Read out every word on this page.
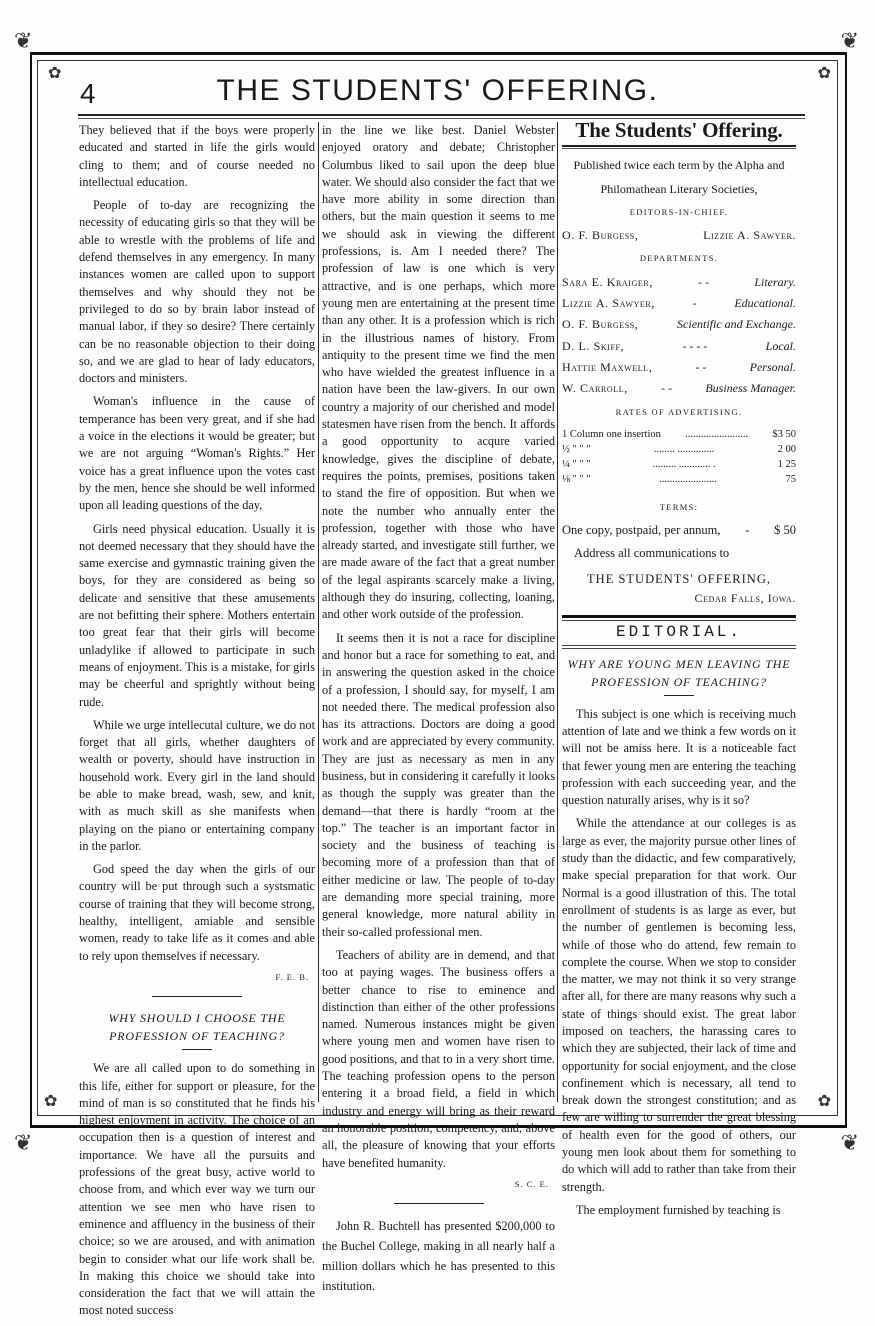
❦	❦
❦	❦
✿	✿
✿	✿
4	THE STUDENTS' OFFERING.

They believed that if the boys were properly educated and started in life the girls would cling to them; and of course needed no intellectual education.

People of to-day are recognizing the necessity of educating girls so that they will be able to wrestle with the problems of life and defend themselves in any emergency. In many instances women are called upon to support themselves and why should they not be privileged to do so by brain labor instead of manual labor, if they so desire? There certainly can be no reasonable objection to their doing so, and we are glad to hear of lady educators, doctors and ministers.

Woman's influence in the cause of temperance has been very great, and if she had a voice in the elections it would be greater; but we are not arguing “Woman's Rights.” Her voice has a great influence upon the votes cast by the men, hence she should be well informed upon all leading questions of the day,

Girls need physical education. Usually it is not deemed necessary that they should have the same exercise and gymnastic training given the boys, for they are considered as being so delicate and sensitive that these amusements are not befitting their sphere. Mothers entertain too great fear that their girls will become unladylike if allowed to participate in such means of enjoyment. This is a mistake, for girls may be cheerful and sprightly without being rude.

While we urge intellecutal culture, we do not forget that all girls, whether daughters of wealth or poverty, should have instruction in household work. Every girl in the land should be able to make bread, wash, sew, and knit, with as much skill as she manifests when playing on the piano or entertaining company in the parlor.

God speed the day when the girls of our country will be put through such a systsmatic course of training that they will become strong, healthy, intelligent, amiable and sensible women, ready to take life as it comes and able to rely upon themselves if necessary.

F. E. B.
WHY SHOULD I CHOOSE THE PROFESSION OF TEACHING?

We are all called upon to do something in this life, either for support or pleasure, for the mind of man is so constituted that he finds his highest enjoyment in activity. The choice of an occupation then is a question of interest and importance. We have all the pursuits and professions of the great busy, active world to choose from, and which ever way we turn our attention we see men who have risen to eminence and affluency in the business of their choice; so we are aroused, and with animation begin to consider what our life work shall be. In making this choice we should take into consideration the fact that we will attain the most noted success

in the line we like best. Daniel Webster enjoyed oratory and debate; Christopher Columbus liked to sail upon the deep blue water. We should also consider the fact that we have more ability in some direction than others, but the main question it seems to me we should ask in viewing the different professions, is. Am I needed there? The profession of law is one which is very attractive, and is one perhaps, which more young men are entertaining at the present time than any other. It is a profession which is rich in the illustrious names of history. From antiquity to the present time we find the men who have wielded the greatest influence in a nation have been the law-givers. In our own country a majority of our cherished and model statesmen have risen from the bench. It affords a good opportunity to acqure varied knowledge, gives the discipline of debate, requires the points, premises, positions taken to stand the fire of opposition. But when we note the number who annually enter the profession, together with those who have already started, and investigate still further, we are made aware of the fact that a great number of the legal aspirants scarcely make a living, although they do insuring, collecting, loaning, and other work outside of the profession.

It seems then it is not a race for discipline and honor but a race for something to eat, and in answering the question asked in the choice of a profession, I should say, for myself, I am not needed there. The medical profession also has its attractions. Doctors are doing a good work and are appreciated by every community. They are just as necessary as men in any business, but in considering it carefully it looks as though the supply was greater than the demand—that there is hardly “room at the top.” The teacher is an important factor in society and the business of teaching is becoming more of a profession than that of either medicine or law. The people of to-day are demanding more special training, more general knowledge, more natural ability in their so-called professional men.

Teachers of ability are in demend, and that too at paying wages. The business offers a better chance to rise to eminence and distinction than either of the other professions named. Numerous instances might be given where young men and women have risen to good positions, and that to in a very short time. The teaching profession opens to the person entering it a broad field, a field in which industry and energy will bring as their reward an honorable position, competency, and, above all, the pleasure of knowing that your efforts have benefited humanity.

S. C. E.

John R. Buchtell has presented $200,000 to the Buchel College, making in all nearly half a million dollars which he has presented to this institution.

The Students' Offering.
Published twice each term by the Alpha and
Philomathean Literary Societies,
EDITORS-IN-CHIEF.
O. F. Burgess,	Lizzie A. Sawyer.
DEPARTMENTS.
Sara E. Kraiger,	- -	Literary.
Lizzie A. Sawyer,	-	Educational.
O. F. Burgess,	Scientific and Exchange.
D. L. Skiff,	- - - -	Local.
Hattie Maxwell,	- -	Personal.
W. Carroll,	- -	Business Manager.
RATES OF ADVERTISING.
1 Column one insertion ........................ $3 50
½ " " "	........ ..............	2 00
¼ " " "	......... ............ .	1 25
⅛ " " "	......................	75
TERMS:
One copy, postpaid, per annum, - $ 50
Address all communications to
THE STUDENTS' OFFERING,
Cedar Falls, Iowa.
EDITORIAL.
WHY ARE YOUNG MEN LEAVING THE PROFESSION OF TEACHING?

This subject is one which is receiving much attention of late and we think a few words on it will not be amiss here. It is a noticeable fact that fewer young men are entering the teaching profession with each succeeding year, and the question naturally arises, why is it so?

While the attendance at our colleges is as large as ever, the majority pursue other lines of study than the didactic, and few comparatively, make special preparation for that work. Our Normal is a good illustration of this. The total enrollment of students is as large as ever, but the number of gentlemen is becoming less, while of those who do attend, few remain to complete the course. When we stop to consider the matter, we may not think it so very strange after all, for there are many reasons why such a state of things should exist. The great labor imposed on teachers, the harassing cares to which they are subjected, their lack of time and opportunity for social enjoyment, and the close confinement which is necessary, all tend to break down the strongest constitution; and as few are willing to surrender the great blessing of health even for the good of others, our young men look about them for something to do which will add to rather than take from their strength.

The employment furnished by teaching is
